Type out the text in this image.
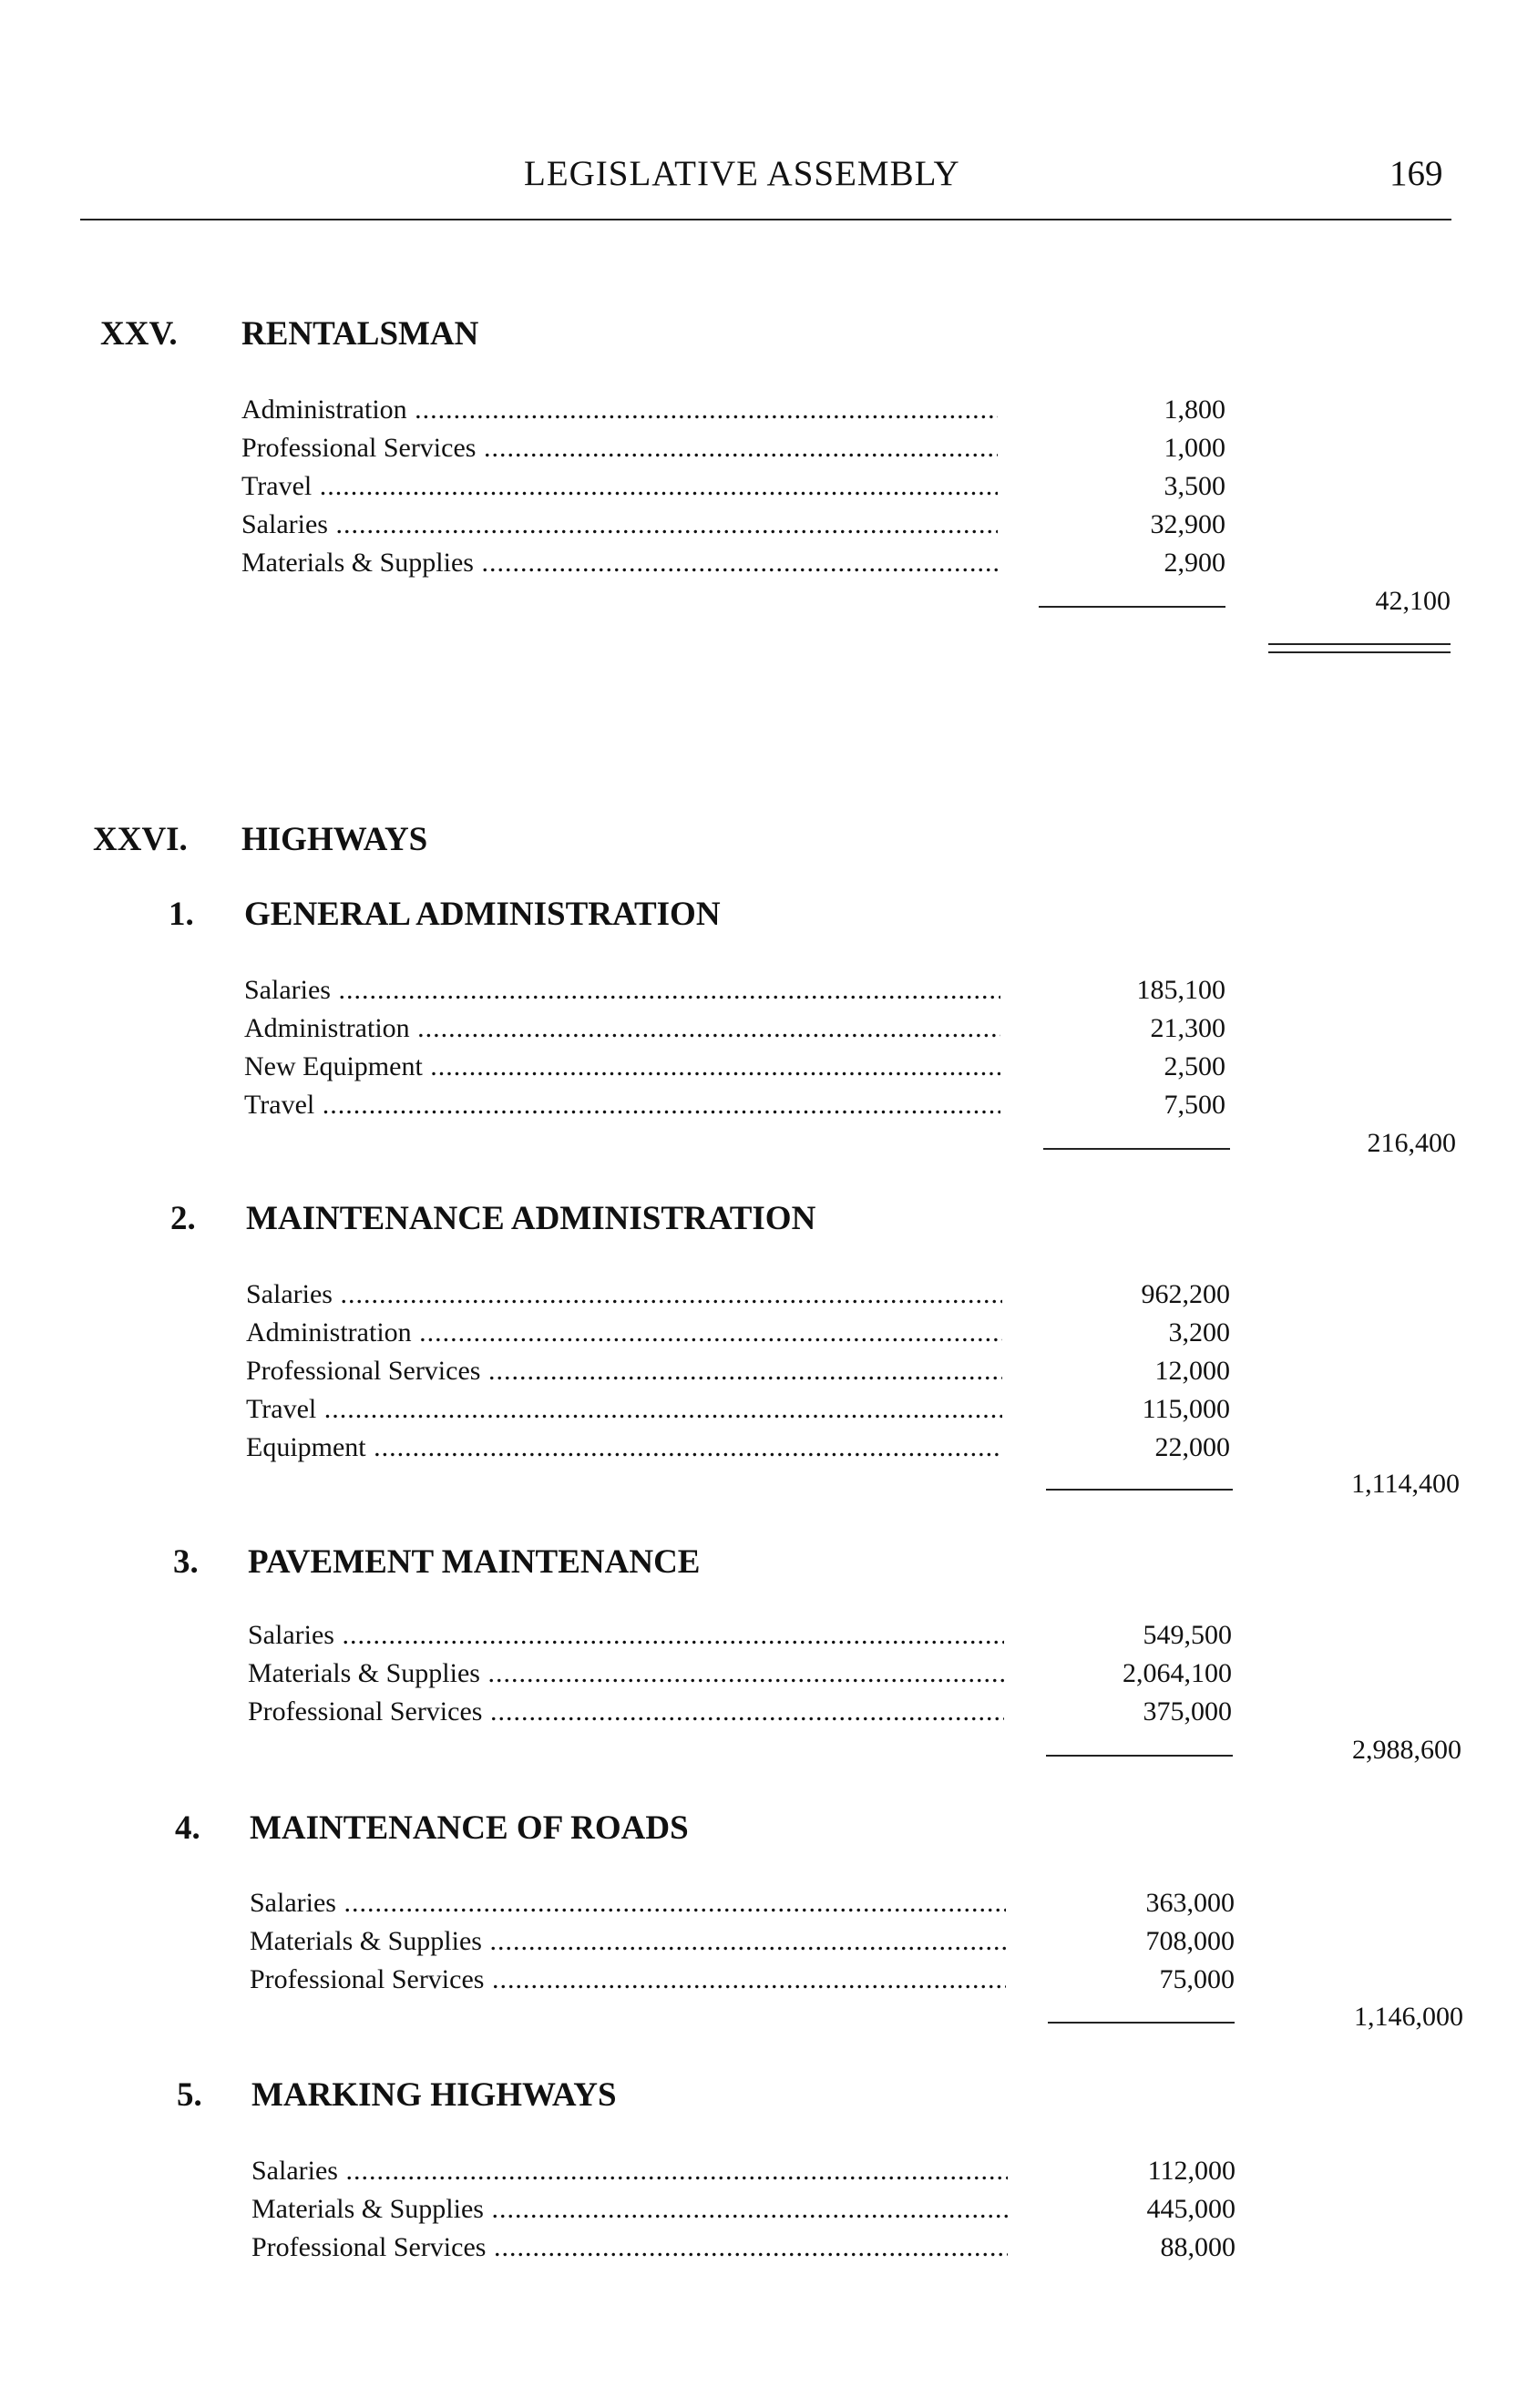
LEGISLATIVE ASSEMBLY	169
XXV. RENTALSMAN
Administration .....	1,800
Professional Services .....	1,000
Travel .....	3,500
Salaries .....	32,900
Materials & Supplies .....	2,900
42,100
XXVI. HIGHWAYS
1. GENERAL ADMINISTRATION
Salaries .....	185,100
Administration .....	21,300
New Equipment .....	2,500
Travel .....	7,500
216,400
2. MAINTENANCE ADMINISTRATION
Salaries .....	962,200
Administration .....	3,200
Professional Services .....	12,000
Travel .....	115,000
Equipment .....	22,000
1,114,400
3. PAVEMENT MAINTENANCE
Salaries .....	549,500
Materials & Supplies .....	2,064,100
Professional Services .....	375,000
2,988,600
4. MAINTENANCE OF ROADS
Salaries .....	363,000
Materials & Supplies .....	708,000
Professional Services .....	75,000
1,146,000
5. MARKING HIGHWAYS
Salaries .....	112,000
Materials & Supplies .....	445,000
Professional Services .....	88,000
